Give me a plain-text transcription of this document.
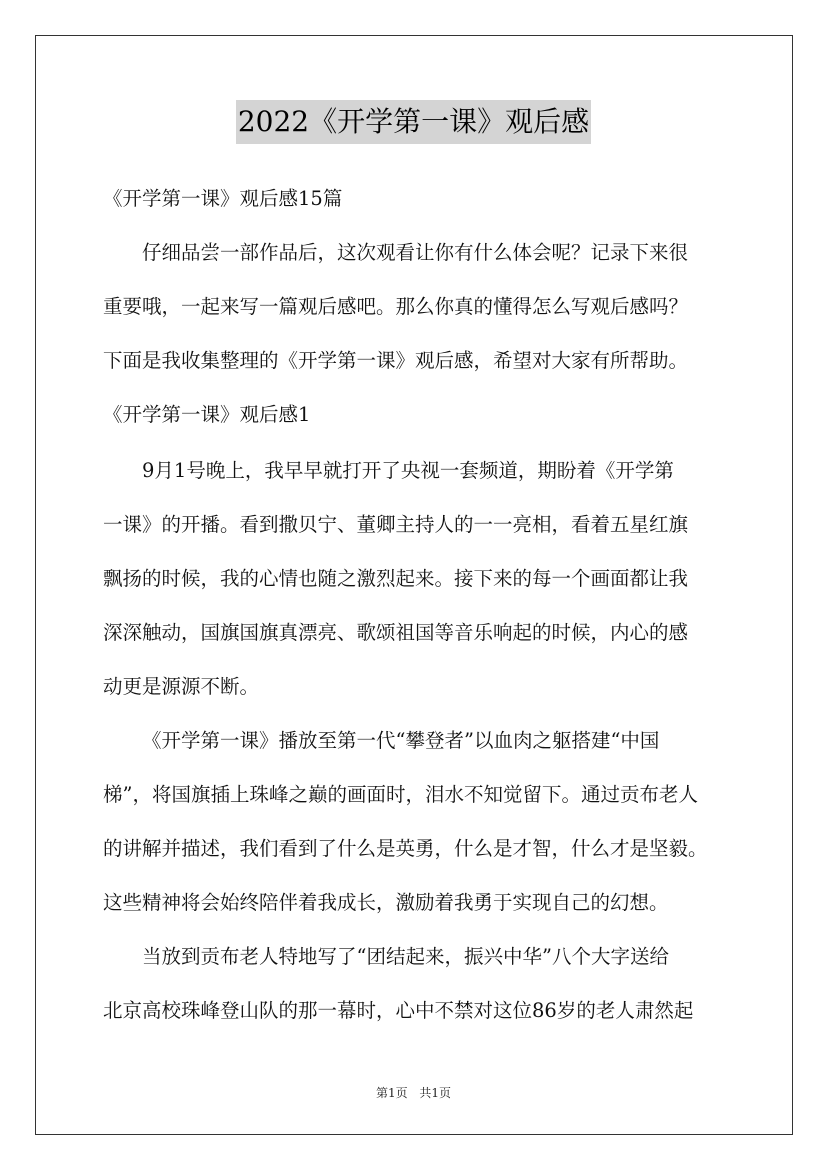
2022《开学第一课》观后感
《开学第一课》观后感15篇
仔细品尝一部作品后，这次观看让你有什么体会呢？记录下来很
重要哦，一起来写一篇观后感吧。那么你真的懂得怎么写观后感吗？
下面是我收集整理的《开学第一课》观后感，希望对大家有所帮助。
《开学第一课》观后感1
9月1号晚上，我早早就打开了央视一套频道，期盼着《开学第
一课》的开播。看到撒贝宁、董卿主持人的一一亮相，看着五星红旗
飘扬的时候，我的心情也随之激烈起来。接下来的每一个画面都让我
深深触动，国旗国旗真漂亮、歌颂祖国等音乐响起的时候，内心的感
动更是源源不断。
《开学第一课》播放至第一代“攀登者”以血肉之躯搭建“中国
梯”，将国旗插上珠峰之巅的画面时，泪水不知觉留下。通过贡布老人
的讲解并描述，我们看到了什么是英勇，什么是才智，什么才是坚毅。
这些精神将会始终陪伴着我成长，激励着我勇于实现自己的幻想。
当放到贡布老人特地写了“团结起来，振兴中华”八个大字送给
北京高校珠峰登山队的那一幕时，心中不禁对这位86岁的老人肃然起
第1页 共1页
